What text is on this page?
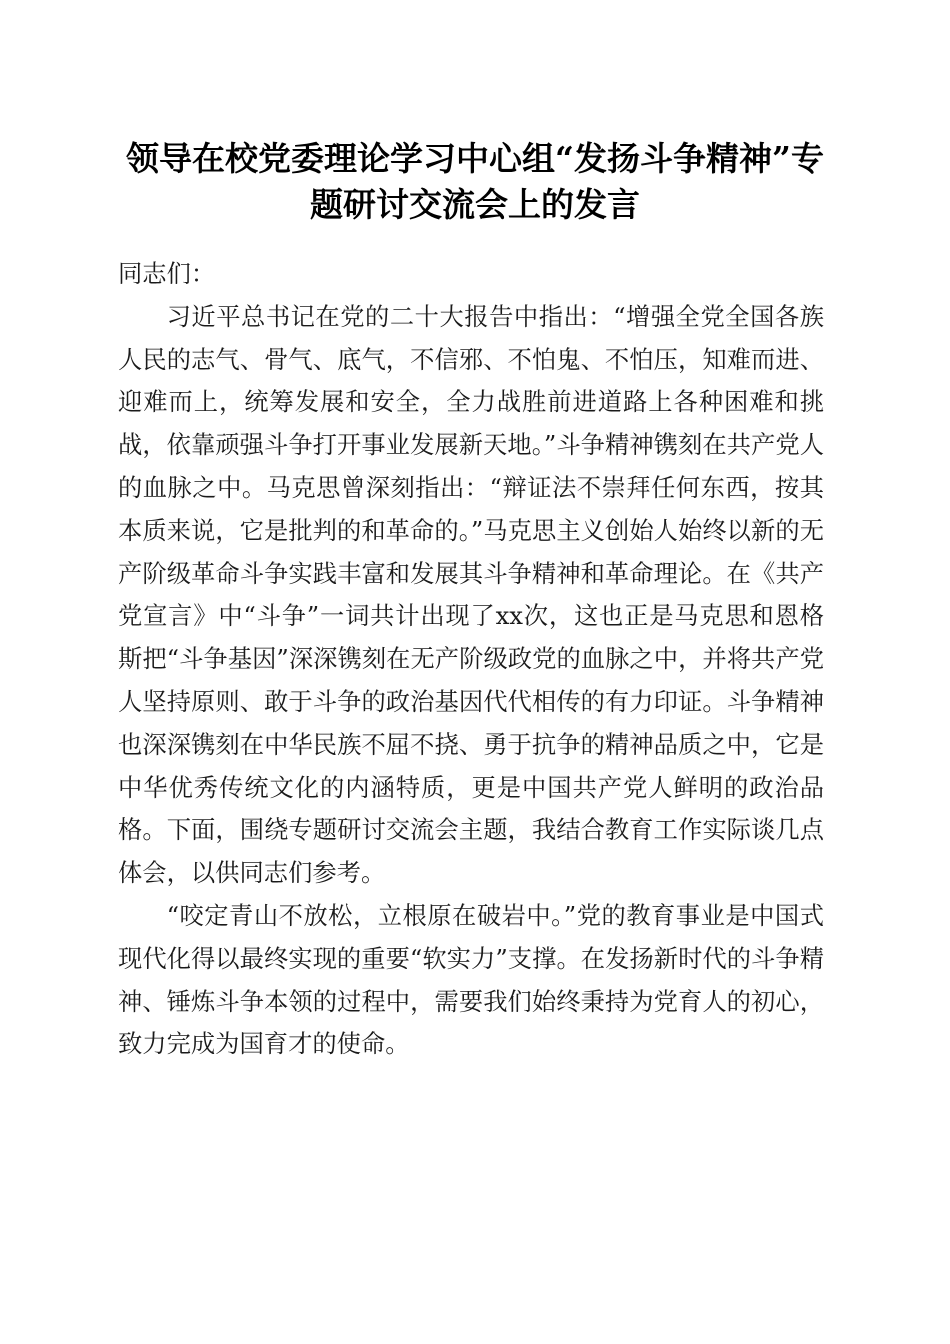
领导在校党委理论学习中心组“发扬斗争精神”专题研讨交流会上的发言

同志们：

习近平总书记在党的二十大报告中指出：“增强全党全国各族人民的志气、骨气、底气，不信邪、不怕鬼、不怕压，知难而进、迎难而上，统筹发展和安全，全力战胜前进道路上各种困难和挑战，依靠顽强斗争打开事业发展新天地。”斗争精神镌刻在共产党人的血脉之中。马克思曾深刻指出：“辩证法不崇拜任何东西，按其本质来说，它是批判的和革命的。”马克思主义创始人始终以新的无产阶级革命斗争实践丰富和发展其斗争精神和革命理论。在《共产党宣言》中“斗争”一词共计出现了xx次，这也正是马克思和恩格斯把“斗争基因”深深镌刻在无产阶级政党的血脉之中，并将共产党人坚持原则、敢于斗争的政治基因代代相传的有力印证。斗争精神也深深镌刻在中华民族不屈不挠、勇于抗争的精神品质之中，它是中华优秀传统文化的内涵特质，更是中国共产党人鲜明的政治品格。下面，围绕专题研讨交流会主题，我结合教育工作实际谈几点体会，以供同志们参考。

“咬定青山不放松，立根原在破岩中。”党的教育事业是中国式现代化得以最终实现的重要“软实力”支撑。在发扬新时代的斗争精神、锤炼斗争本领的过程中，需要我们始终秉持为党育人的初心，致力完成为国育才的使命。
